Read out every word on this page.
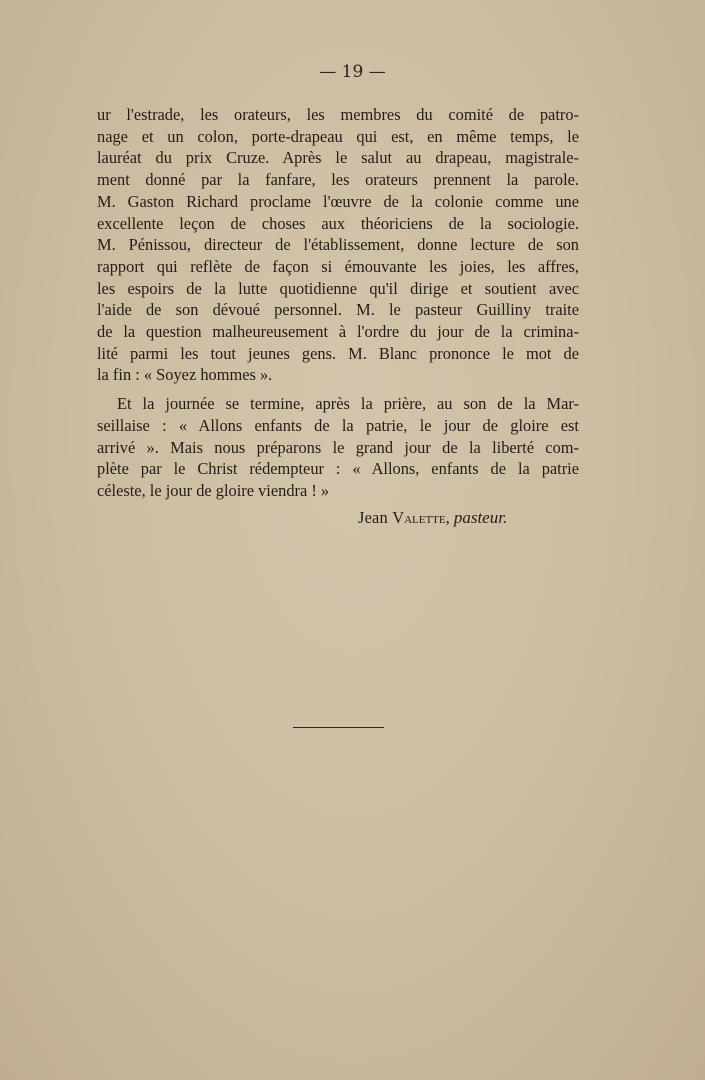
— 19 —
ur l'estrade, les orateurs, les membres du comité de patro-
nage et un colon, porte-drapeau qui est, en même temps, le
lauréat du prix Cruze. Après le salut au drapeau, magistrale-
ment donné par la fanfare, les orateurs prennent la parole.
M. Gaston Richard proclame l'œuvre de la colonie comme une
excellente leçon de choses aux théoriciens de la sociologie.
M. Pénissou, directeur de l'établissement, donne lecture de son
rapport qui reflète de façon si émouvante les joies, les affres,
les espoirs de la lutte quotidienne qu'il dirige et soutient avec
l'aide de son dévoué personnel. M. le pasteur Guilliny traite
de la question malheureusement à l'ordre du jour de la crimina-
lité parmi les tout jeunes gens. M. Blanc prononce le mot de
la fin : « Soyez hommes ».
Et la journée se termine, après la prière, au son de la Mar-
seillaise : « Allons enfants de la patrie, le jour de gloire est
arrivé ». Mais nous préparons le grand jour de la liberté com-
plète par le Christ rédempteur : « Allons, enfants de la patrie
céleste, le jour de gloire viendra ! »
Jean Valette, pasteur.
